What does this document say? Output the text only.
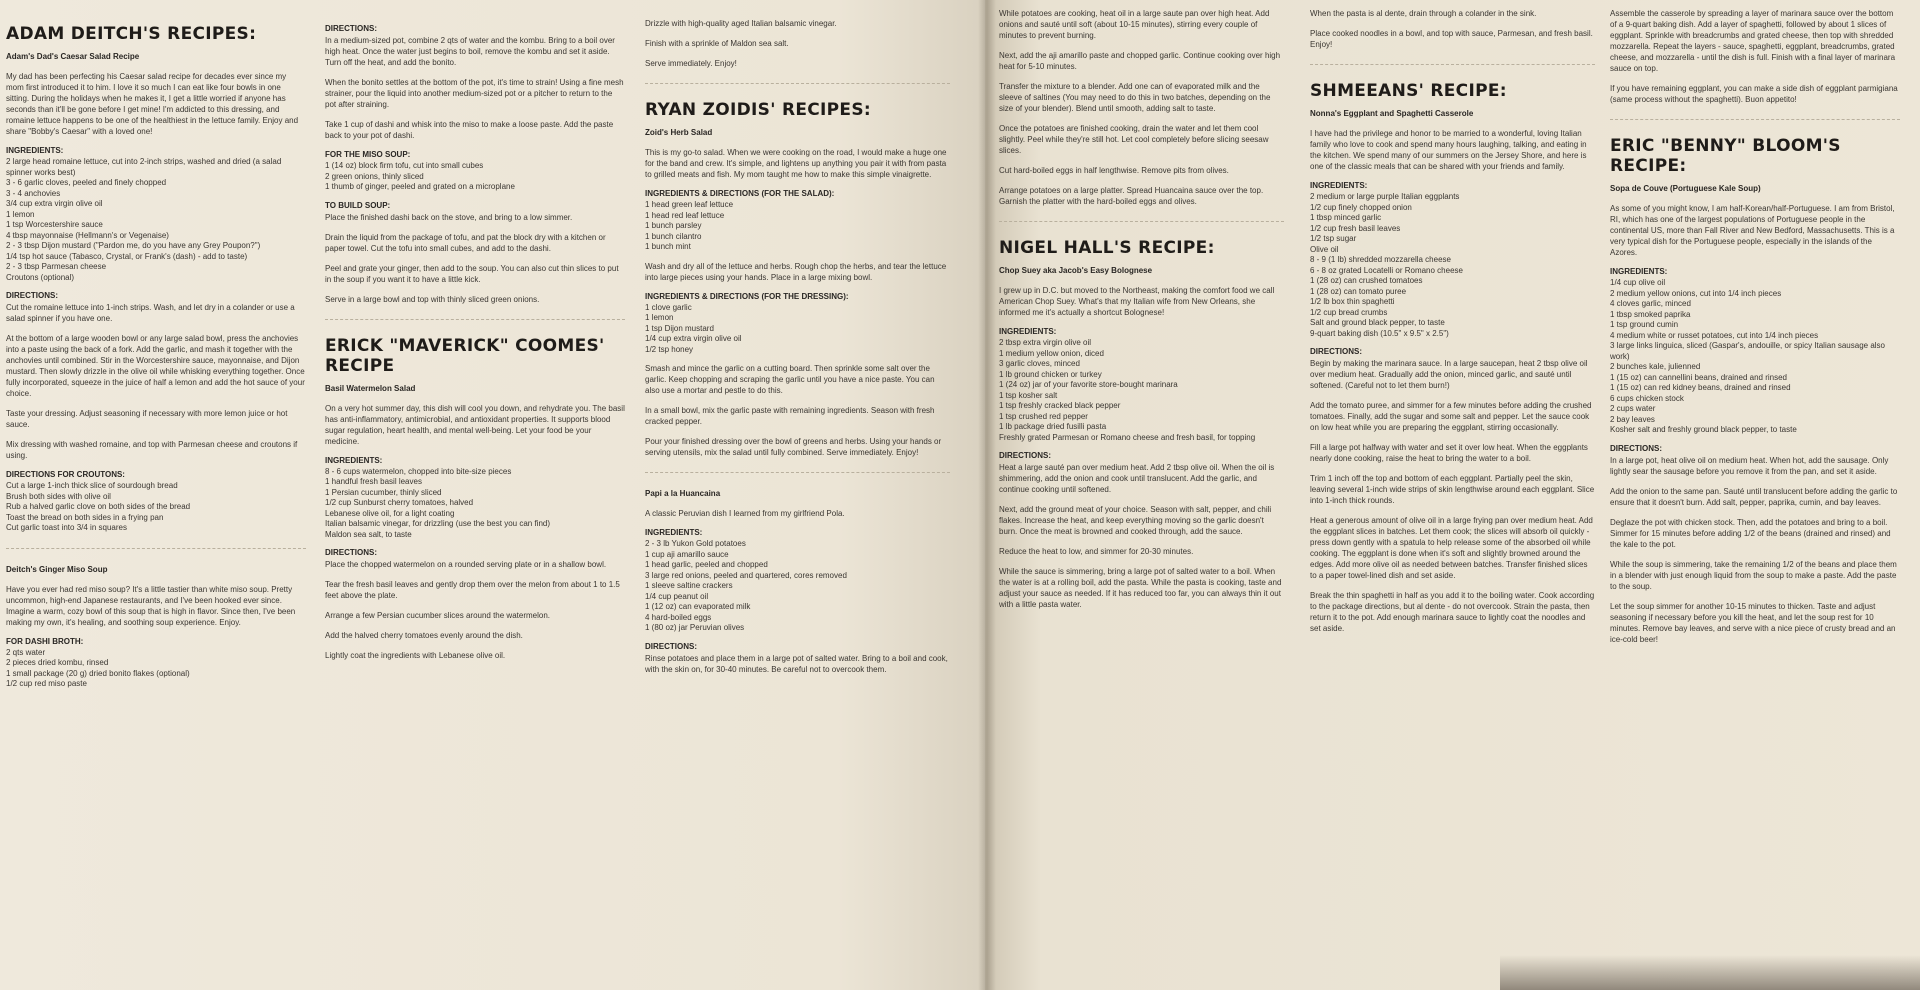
ADAM DEITCH'S RECIPES:
Adam's Dad's Caesar Salad Recipe

My dad has been perfecting his Caesar salad recipe for decades ever since my mom first introduced it to him. I love it so much I can eat like four bowls in one sitting. During the holidays when he makes it, I get a little worried if anyone has seconds than it'll be gone before I get mine! I'm addicted to this dressing, and romaine lettuce happens to be one of the healthiest in the lettuce family. Enjoy and share "Bobby's Caesar" with a loved one!

INGREDIENTS:
2 large head romaine lettuce, cut into 2-inch strips, washed and dried (a salad spinner works best)
3 - 6 garlic cloves, peeled and finely chopped
3 - 4 anchovies
3/4 cup extra virgin olive oil
1 lemon
1 tsp Worcestershire sauce
4 tbsp mayonnaise (Hellmann's or Vegenaise)
2 - 3 tbsp Dijon mustard ("Pardon me, do you have any Grey Poupon?")
1/4 tsp hot sauce (Tabasco, Crystal, or Frank's (dash) - add to taste)
2 - 3 tbsp Parmesan cheese
Croutons (optional)
DIRECTIONS:

Cut the romaine lettuce into 1-inch strips. Wash, and let dry in a colander or use a salad spinner if you have one.

At the bottom of a large wooden bowl or any large salad bowl, press the anchovies into a paste using the back of a fork. Add the garlic, and mash it together with the anchovies until combined. Stir in the Worcestershire sauce, mayonnaise, and Dijon mustard. Then slowly drizzle in the olive oil while whisking everything together. Once fully incorporated, squeeze in the juice of half a lemon and add the hot sauce of your choice.

Taste your dressing. Adjust seasoning if necessary with more lemon juice or hot sauce.

Mix dressing with washed romaine, and top with Parmesan cheese and croutons if using.

DIRECTIONS FOR CROUTONS:
Cut a large 1-inch thick slice of sourdough bread
Brush both sides with olive oil
Rub a halved garlic clove on both sides of the bread
Toast the bread on both sides in a frying pan
Cut garlic toast into 3/4 in squares
Deitch's Ginger Miso Soup

Have you ever had red miso soup? It's a little tastier than white miso soup. Pretty uncommon, high-end Japanese restaurants, and I've been hooked ever since. Imagine a warm, cozy bowl of this soup that is high in flavor. Since then, I've been making my own, it's healing, and soothing soup experience. Enjoy.

FOR DASHI BROTH:
2 qts water
2 pieces dried kombu, rinsed
1 small package (20 g) dried bonito flakes (optional)
1/2 cup red miso paste
DIRECTIONS:

In a medium-sized pot, combine 2 qts of water and the kombu. Bring to a boil over high heat. Once the water just begins to boil, remove the kombu and set it aside. Turn off the heat, and add the bonito.

When the bonito settles at the bottom of the pot, it's time to strain! Using a fine mesh strainer, pour the liquid into another medium-sized pot or a pitcher to return to the pot after straining.

Take 1 cup of dashi and whisk into the miso to make a loose paste. Add the paste back to your pot of dashi.

FOR THE MISO SOUP:
1 (14 oz) block firm tofu, cut into small cubes
2 green onions, thinly sliced
1 thumb of ginger, peeled and grated on a microplane
TO BUILD SOUP:

Place the finished dashi back on the stove, and bring to a low simmer.

Drain the liquid from the package of tofu, and pat the block dry with a kitchen or paper towel. Cut the tofu into small cubes, and add to the dashi.

Peel and grate your ginger, then add to the soup. You can also cut thin slices to put in the soup if you want it to have a little kick.

Serve in a large bowl and top with thinly sliced green onions.

ERICK "MAVERICK" COOMES' RECIPE
Basil Watermelon Salad

On a very hot summer day, this dish will cool you down, and rehydrate you. The basil has anti-inflammatory, antimicrobial, and antioxidant properties. It supports blood sugar regulation, heart health, and mental well-being. Let your food be your medicine.

INGREDIENTS:
8 - 6 cups watermelon, chopped into bite-size pieces
1 handful fresh basil leaves
1 Persian cucumber, thinly sliced
1/2 cup Sunburst cherry tomatoes, halved
Lebanese olive oil, for a light coating
Italian balsamic vinegar, for drizzling (use the best you can find)
Maldon sea salt, to taste
DIRECTIONS:

Place the chopped watermelon on a rounded serving plate or in a shallow bowl.

Tear the fresh basil leaves and gently drop them over the melon from about 1 to 1.5 feet above the plate.

Arrange a few Persian cucumber slices around the watermelon.

Add the halved cherry tomatoes evenly around the dish.

Lightly coat the ingredients with Lebanese olive oil.

Drizzle with high-quality aged Italian balsamic vinegar.

Finish with a sprinkle of Maldon sea salt.

Serve immediately. Enjoy!

RYAN ZOIDIS' RECIPES:
Zoid's Herb Salad

This is my go-to salad. When we were cooking on the road, I would make a huge one for the band and crew. It's simple, and lightens up anything you pair it with from pasta to grilled meats and fish. My mom taught me how to make this simple vinaigrette.

INGREDIENTS & DIRECTIONS (FOR THE SALAD):
1 head green leaf lettuce
1 head red leaf lettuce
1 bunch parsley
1 bunch cilantro
1 bunch mint

Wash and dry all of the lettuce and herbs. Rough chop the herbs, and tear the lettuce into large pieces using your hands. Place in a large mixing bowl.

INGREDIENTS & DIRECTIONS (FOR THE DRESSING):
1 clove garlic
1 lemon
1 tsp Dijon mustard
1/4 cup extra virgin olive oil
1/2 tsp honey

Smash and mince the garlic on a cutting board. Then sprinkle some salt over the garlic. Keep chopping and scraping the garlic until you have a nice paste. You can also use a mortar and pestle to do this.

In a small bowl, mix the garlic paste with remaining ingredients. Season with fresh cracked pepper.

Pour your finished dressing over the bowl of greens and herbs. Using your hands or serving utensils, mix the salad until fully combined. Serve immediately. Enjoy!

Papi a la Huancaina

A classic Peruvian dish I learned from my girlfriend Pola.

INGREDIENTS:
2 - 3 lb Yukon Gold potatoes
1 cup aji amarillo sauce
1 head garlic, peeled and chopped
3 large red onions, peeled and quartered, cores removed
1 sleeve saltine crackers
1/4 cup peanut oil
1 (12 oz) can evaporated milk
4 hard-boiled eggs
1 (80 oz) jar Peruvian olives
DIRECTIONS:

Rinse potatoes and place them in a large pot of salted water. Bring to a boil and cook, with the skin on, for 30-40 minutes. Be careful not to overcook them.

While potatoes are cooking, heat oil in a large saute pan over high heat. Add onions and sauté until soft (about 10-15 minutes), stirring every couple of minutes to prevent burning.

Next, add the aji amarillo paste and chopped garlic. Continue cooking over high heat for 5-10 minutes.

Transfer the mixture to a blender. Add one can of evaporated milk and the sleeve of saltines (You may need to do this in two batches, depending on the size of your blender). Blend until smooth, adding salt to taste.

Once the potatoes are finished cooking, drain the water and let them cool slightly. Peel while they're still hot. Let cool completely before slicing seesaw slices.

Cut hard-boiled eggs in half lengthwise. Remove pits from olives.

Arrange potatoes on a large platter. Spread Huancaina sauce over the top. Garnish the platter with the hard-boiled eggs and olives.

NIGEL HALL'S RECIPE:
Chop Suey aka Jacob's Easy Bolognese

I grew up in D.C. but moved to the Northeast, making the comfort food we call American Chop Suey. What's that my Italian wife from New Orleans, she informed me it's actually a shortcut Bolognese!

INGREDIENTS:
2 tbsp extra virgin olive oil
1 medium yellow onion, diced
3 garlic cloves, minced
1 lb ground chicken or turkey
1 (24 oz) jar of your favorite store-bought marinara
1 tsp kosher salt
1 tsp freshly cracked black pepper
1 tsp crushed red pepper
1 lb package dried fusilli pasta
Freshly grated Parmesan or Romano cheese and fresh basil, for topping
DIRECTIONS:

Heat a large sauté pan over medium heat. Add 2 tbsp olive oil. When the oil is shimmering, add the onion and cook until translucent. Add the garlic, and continue cooking until softened.

Next, add the ground meat of your choice. Season with salt, pepper, and chili flakes. Increase the heat, and keep everything moving so the garlic doesn't burn. Once the meat is browned and cooked through, add the sauce.

Reduce the heat to low, and simmer for 20-30 minutes.

While the sauce is simmering, bring a large pot of salted water to a boil. When the water is at a rolling boil, add the pasta. While the pasta is cooking, taste and adjust your sauce as needed. If it has reduced too far, you can always thin it out with a little pasta water.

When the pasta is al dente, drain through a colander in the sink.

Place cooked noodles in a bowl, and top with sauce, Parmesan, and fresh basil. Enjoy!

SHMEEANS' RECIPE:
Nonna's Eggplant and Spaghetti Casserole

I have had the privilege and honor to be married to a wonderful, loving Italian family who love to cook and spend many hours laughing, talking, and eating in the kitchen. We spend many of our summers on the Jersey Shore, and here is one of the classic meals that can be shared with your friends and family.

INGREDIENTS:
2 medium or large purple Italian eggplants
1/2 cup finely chopped onion
1 tbsp minced garlic
1/2 cup fresh basil leaves
1/2 tsp sugar
Olive oil
8 - 9 (1 lb) shredded mozzarella cheese
6 - 8 oz grated Locatelli or Romano cheese
1 (28 oz) can crushed tomatoes
1 (28 oz) can tomato puree
1/2 lb box thin spaghetti
1/2 cup bread crumbs
Salt and ground black pepper, to taste
9-quart baking dish (10.5" x 9.5" x 2.5")
DIRECTIONS:

Begin by making the marinara sauce. In a large saucepan, heat 2 tbsp olive oil over medium heat. Gradually add the onion, minced garlic, and sauté until softened. (Careful not to let them burn!)

Add the tomato puree, and simmer for a few minutes before adding the crushed tomatoes. Finally, add the sugar and some salt and pepper. Let the sauce cook on low heat while you are preparing the eggplant, stirring occasionally.

Fill a large pot halfway with water and set it over low heat. When the eggplants nearly done cooking, raise the heat to bring the water to a boil.

Trim 1 inch off the top and bottom of each eggplant. Partially peel the skin, leaving several 1-inch wide strips of skin lengthwise around each eggplant. Slice into 1-inch thick rounds.

Heat a generous amount of olive oil in a large frying pan over medium heat. Add the eggplant slices in batches. Let them cook; the slices will absorb oil quickly - press down gently with a spatula to help release some of the absorbed oil while cooking. The eggplant is done when it's soft and slightly browned around the edges. Add more olive oil as needed between batches. Transfer finished slices to a paper towel-lined dish and set aside.

Break the thin spaghetti in half as you add it to the boiling water. Cook according to the package directions, but al dente - do not overcook. Strain the pasta, then return it to the pot. Add enough marinara sauce to lightly coat the noodles and set aside.

Assemble the casserole by spreading a layer of marinara sauce over the bottom of a 9-quart baking dish. Add a layer of spaghetti, followed by about 1 slices of eggplant. Sprinkle with breadcrumbs and grated cheese, then top with shredded mozzarella. Repeat the layers - sauce, spaghetti, eggplant, breadcrumbs, grated cheese, and mozzarella - until the dish is full. Finish with a final layer of marinara sauce on top.

If you have remaining eggplant, you can make a side dish of eggplant parmigiana (same process without the spaghetti). Buon appetito!

ERIC "BENNY" BLOOM'S RECIPE:
Sopa de Couve (Portuguese Kale Soup)

As some of you might know, I am half-Korean/half-Portuguese. I am from Bristol, RI, which has one of the largest populations of Portuguese people in the continental US, more than Fall River and New Bedford, Massachusetts. This is a very typical dish for the Portuguese people, especially in the islands of the Azores.

INGREDIENTS:
1/4 cup olive oil
2 medium yellow onions, cut into 1/4 inch pieces
4 cloves garlic, minced
1 tbsp smoked paprika
1 tsp ground cumin
4 medium white or russet potatoes, cut into 1/4 inch pieces
3 large links linguica, sliced (Gaspar's, andouille, or spicy Italian sausage also work)
2 bunches kale, julienned
1 (15 oz) can cannellini beans, drained and rinsed
1 (15 oz) can red kidney beans, drained and rinsed
6 cups chicken stock
2 cups water
2 bay leaves
Kosher salt and freshly ground black pepper, to taste
DIRECTIONS:

In a large pot, heat olive oil on medium heat. When hot, add the sausage. Only lightly sear the sausage before you remove it from the pan, and set it aside.

Add the onion to the same pan. Sauté until translucent before adding the garlic to ensure that it doesn't burn. Add salt, pepper, paprika, cumin, and bay leaves.

Deglaze the pot with chicken stock. Then, add the potatoes and bring to a boil. Simmer for 15 minutes before adding 1/2 of the beans (drained and rinsed) and the kale to the pot.

While the soup is simmering, take the remaining 1/2 of the beans and place them in a blender with just enough liquid from the soup to make a paste. Add the paste to the soup.

Let the soup simmer for another 10-15 minutes to thicken. Taste and adjust seasoning if necessary before you kill the heat, and let the soup rest for 10 minutes. Remove bay leaves, and serve with a nice piece of crusty bread and an ice-cold beer!
